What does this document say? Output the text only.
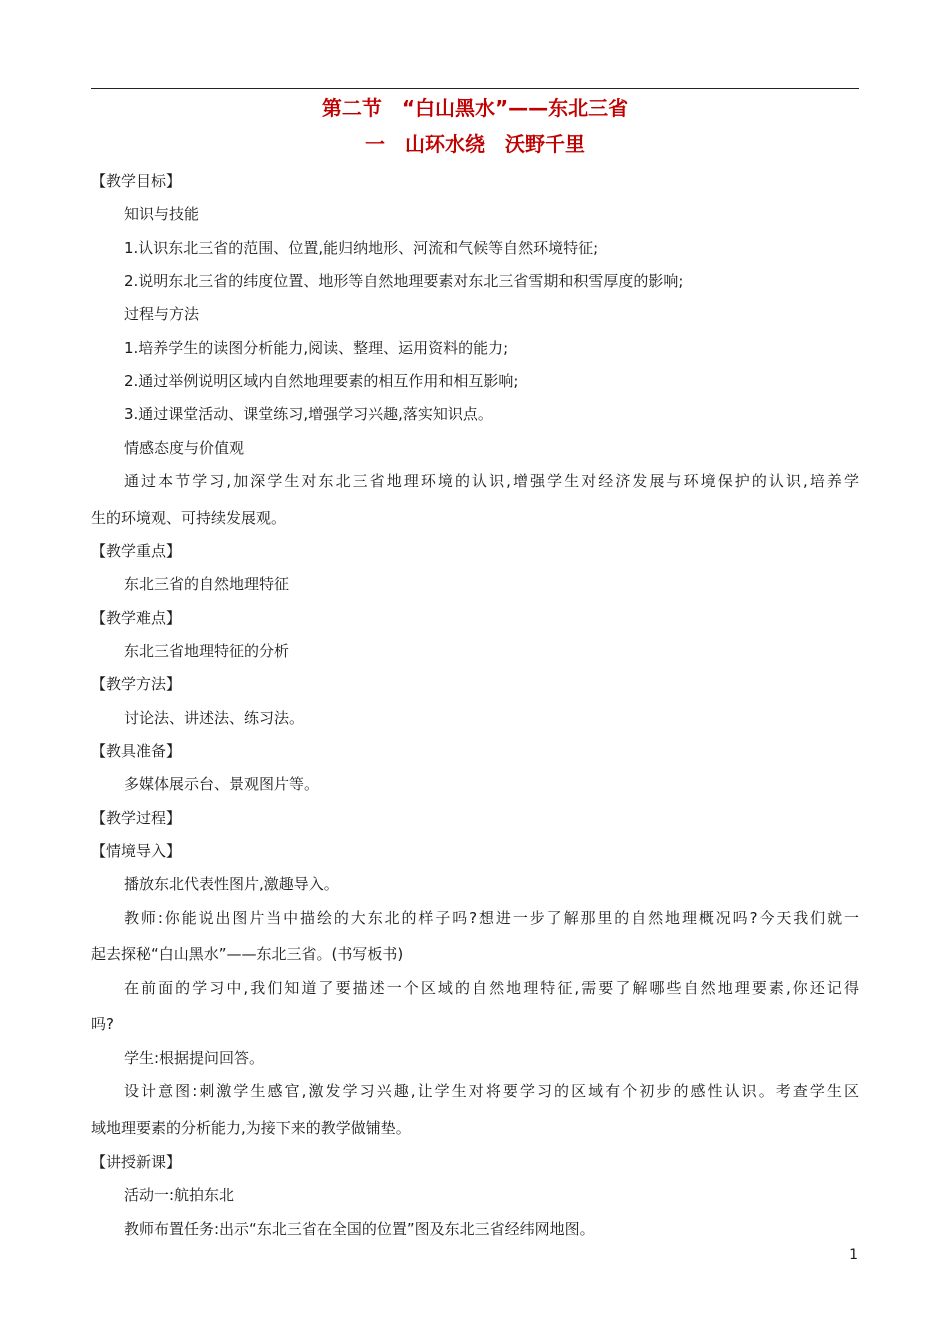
第二节　“白山黑水”——东北三省
一　山环水绕　沃野千里
【教学目标】
知识与技能
1.认识东北三省的范围、位置,能归纳地形、河流和气候等自然环境特征;
2.说明东北三省的纬度位置、地形等自然地理要素对东北三省雪期和积雪厚度的影响;
过程与方法
1.培养学生的读图分析能力,阅读、整理、运用资料的能力;
2.通过举例说明区域内自然地理要素的相互作用和相互影响;
3.通过课堂活动、课堂练习,增强学习兴趣,落实知识点。
情感态度与价值观
通过本节学习,加深学生对东北三省地理环境的认识,增强学生对经济发展与环境保护的认识,培养学
生的环境观、可持续发展观。
【教学重点】
东北三省的自然地理特征
【教学难点】
东北三省地理特征的分析
【教学方法】
讨论法、讲述法、练习法。
【教具准备】
多媒体展示台、景观图片等。
【教学过程】
【情境导入】
播放东北代表性图片,激趣导入。
教师:你能说出图片当中描绘的大东北的样子吗?想进一步了解那里的自然地理概况吗?今天我们就一
起去探秘“白山黑水”——东北三省。(书写板书)
在前面的学习中,我们知道了要描述一个区域的自然地理特征,需要了解哪些自然地理要素,你还记得
吗?
学生:根据提问回答。
设计意图:刺激学生感官,激发学习兴趣,让学生对将要学习的区域有个初步的感性认识。考查学生区
域地理要素的分析能力,为接下来的教学做铺垫。
【讲授新课】
活动一:航拍东北
教师布置任务:出示“东北三省在全国的位置”图及东北三省经纬网地图。
1
